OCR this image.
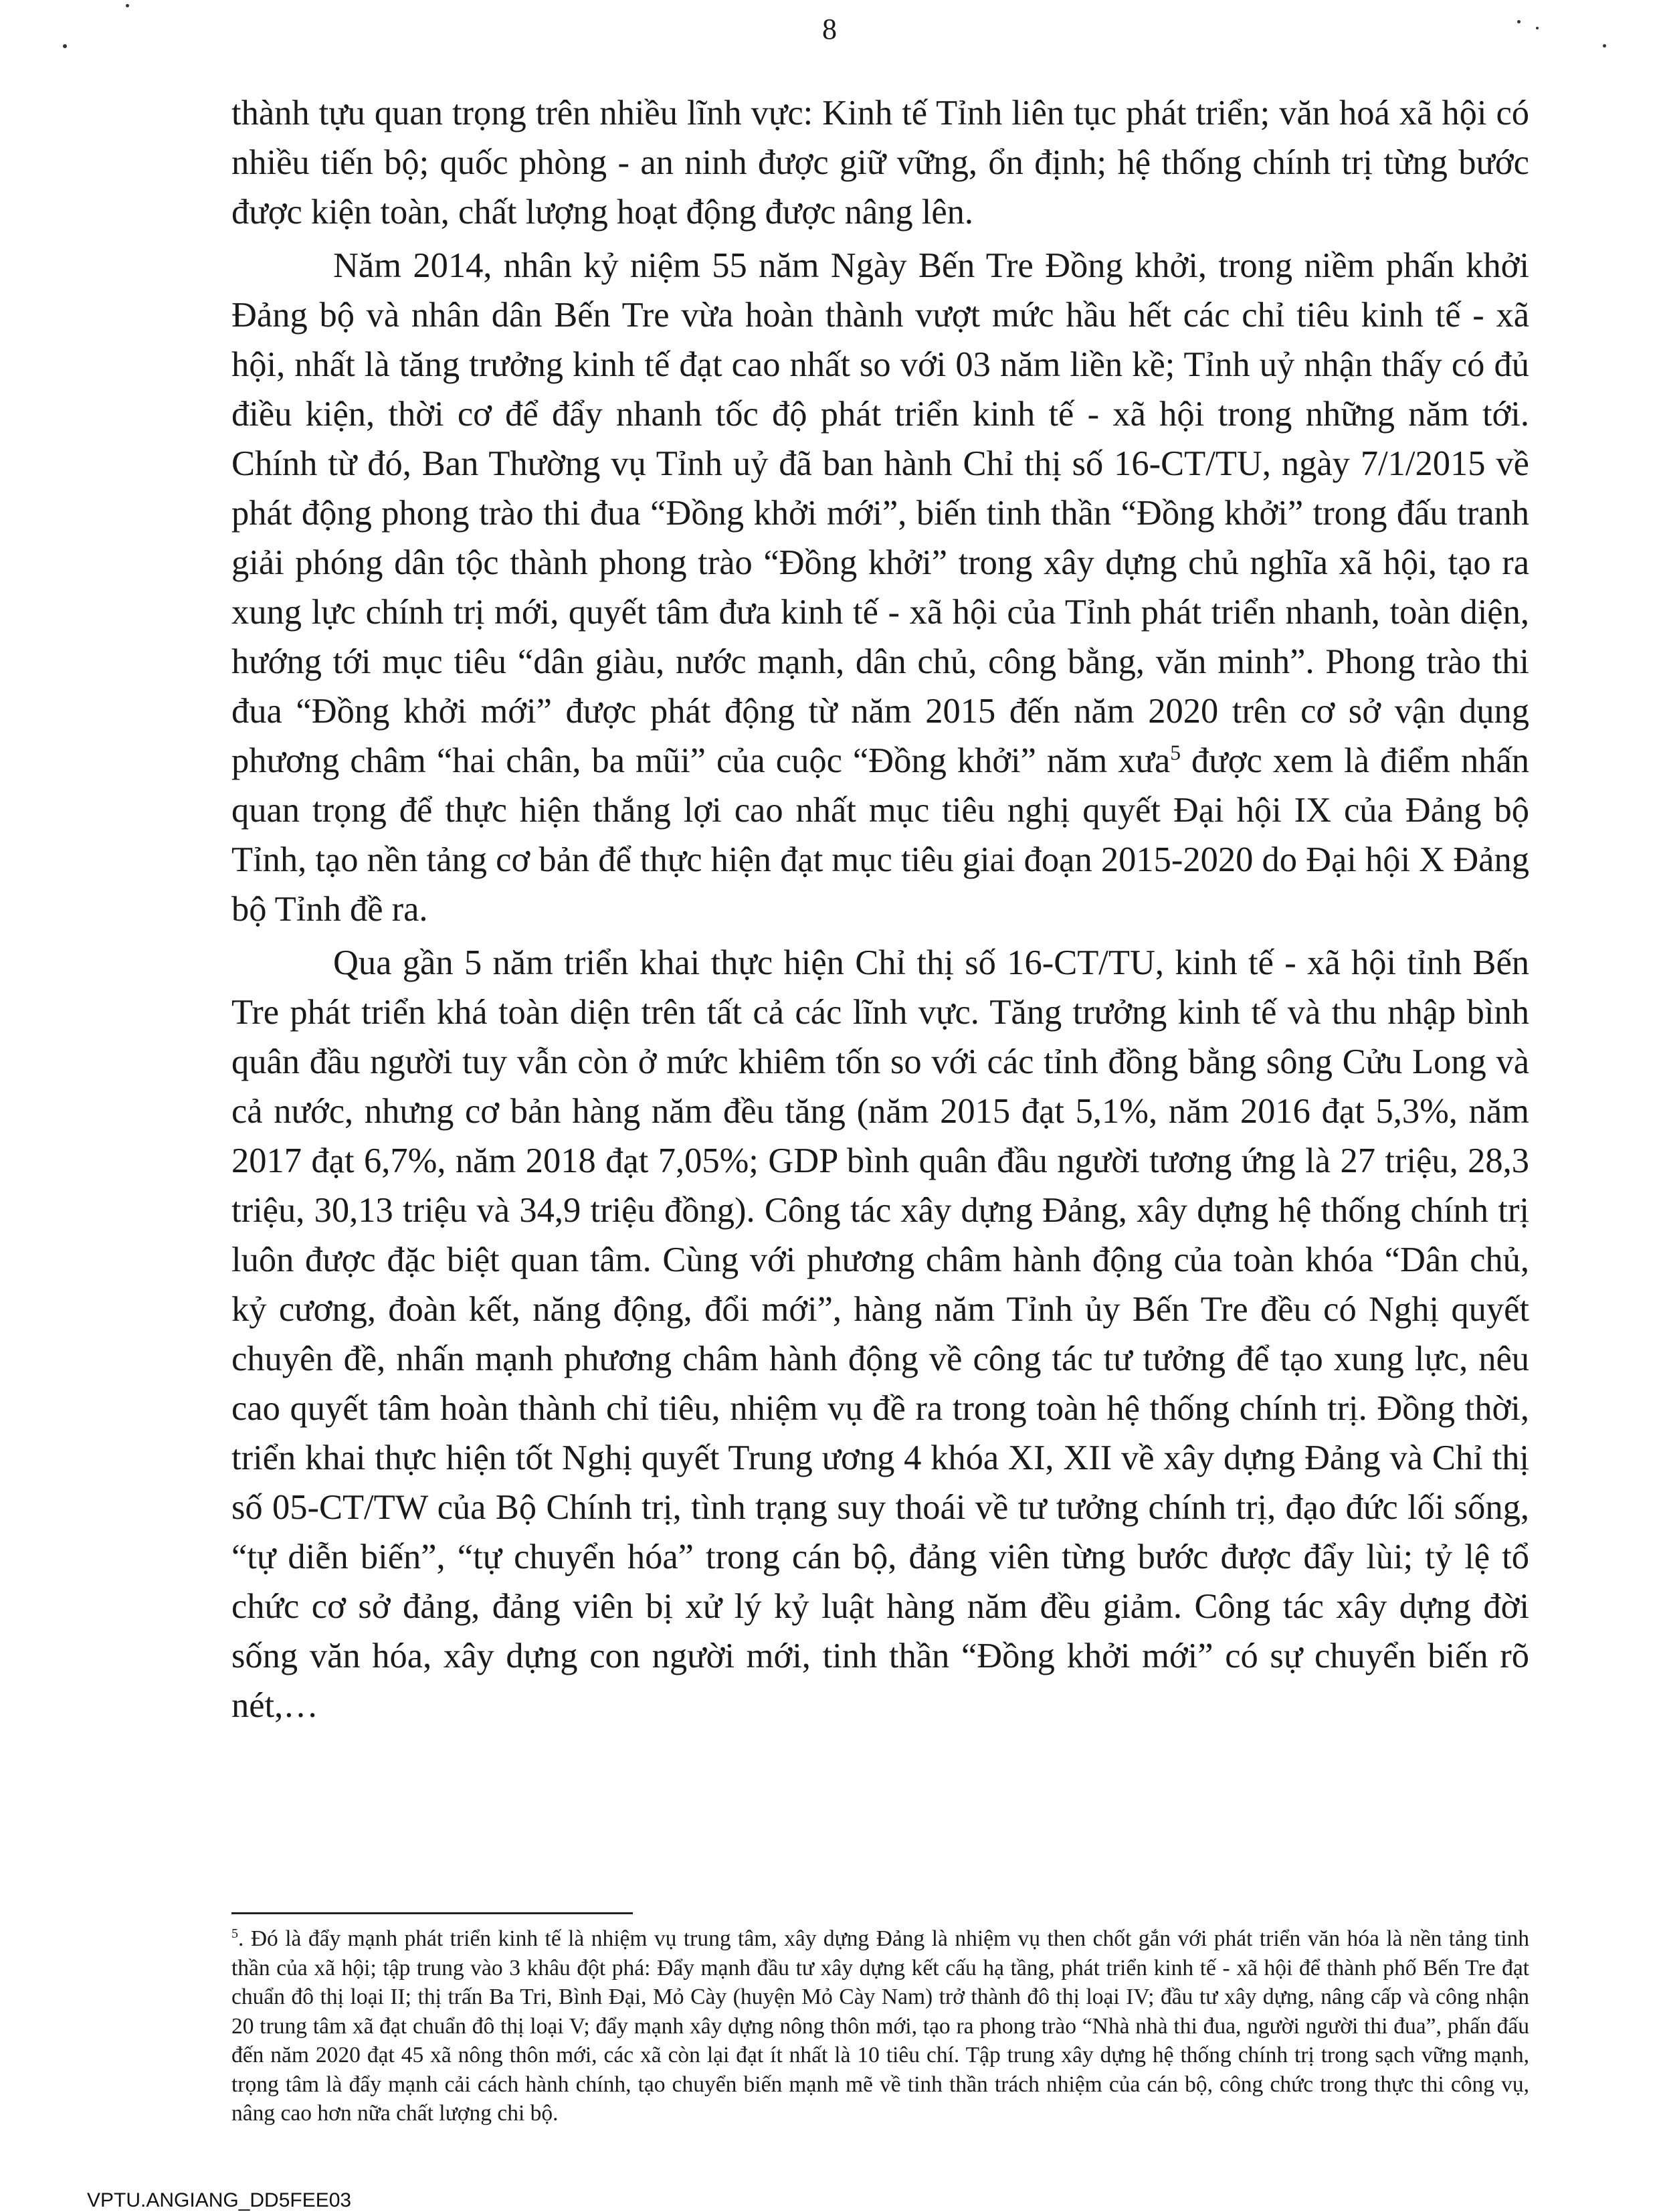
8

thành tựu quan trọng trên nhiều lĩnh vực: Kinh tế Tỉnh liên tục phát triển; văn hoá xã hội có nhiều tiến bộ; quốc phòng - an ninh được giữ vững, ổn định; hệ thống chính trị từng bước được kiện toàn, chất lượng hoạt động được nâng lên.

Năm 2014, nhân kỷ niệm 55 năm Ngày Bến Tre Đồng khởi, trong niềm phấn khởi Đảng bộ và nhân dân Bến Tre vừa hoàn thành vượt mức hầu hết các chỉ tiêu kinh tế - xã hội, nhất là tăng trưởng kinh tế đạt cao nhất so với 03 năm liền kề; Tỉnh uỷ nhận thấy có đủ điều kiện, thời cơ để đẩy nhanh tốc độ phát triển kinh tế - xã hội trong những năm tới. Chính từ đó, Ban Thường vụ Tỉnh uỷ đã ban hành Chỉ thị số 16-CT/TU, ngày 7/1/2015 về phát động phong trào thi đua “Đồng khởi mới”, biến tinh thần “Đồng khởi” trong đấu tranh giải phóng dân tộc thành phong trào “Đồng khởi” trong xây dựng chủ nghĩa xã hội, tạo ra xung lực chính trị mới, quyết tâm đưa kinh tế - xã hội của Tỉnh phát triển nhanh, toàn diện, hướng tới mục tiêu “dân giàu, nước mạnh, dân chủ, công bằng, văn minh”. Phong trào thi đua “Đồng khởi mới” được phát động từ năm 2015 đến năm 2020 trên cơ sở vận dụng phương châm “hai chân, ba mũi” của cuộc “Đồng khởi” năm xưa$^5$ được xem là điểm nhấn quan trọng để thực hiện thắng lợi cao nhất mục tiêu nghị quyết Đại hội IX của Đảng bộ Tỉnh, tạo nền tảng cơ bản để thực hiện đạt mục tiêu giai đoạn 2015-2020 do Đại hội X Đảng bộ Tỉnh đề ra.

Qua gần 5 năm triển khai thực hiện Chỉ thị số 16-CT/TU, kinh tế - xã hội tỉnh Bến Tre phát triển khá toàn diện trên tất cả các lĩnh vực. Tăng trưởng kinh tế và thu nhập bình quân đầu người tuy vẫn còn ở mức khiêm tốn so với các tỉnh đồng bằng sông Cửu Long và cả nước, nhưng cơ bản hàng năm đều tăng (năm 2015 đạt 5,1%, năm 2016 đạt 5,3%, năm 2017 đạt 6,7%, năm 2018 đạt 7,05%; GDP bình quân đầu người tương ứng là 27 triệu, 28,3 triệu, 30,13 triệu và 34,9 triệu đồng). Công tác xây dựng Đảng, xây dựng hệ thống chính trị luôn được đặc biệt quan tâm. Cùng với phương châm hành động của toàn khóa “Dân chủ, kỷ cương, đoàn kết, năng động, đổi mới”, hàng năm Tỉnh ủy Bến Tre đều có Nghị quyết chuyên đề, nhấn mạnh phương châm hành động về công tác tư tưởng để tạo xung lực, nêu cao quyết tâm hoàn thành chỉ tiêu, nhiệm vụ đề ra trong toàn hệ thống chính trị. Đồng thời, triển khai thực hiện tốt Nghị quyết Trung ương 4 khóa XI, XII về xây dựng Đảng và Chỉ thị số 05-CT/TW của Bộ Chính trị, tình trạng suy thoái về tư tưởng chính trị, đạo đức lối sống, “tự diễn biến”, “tự chuyển hóa” trong cán bộ, đảng viên từng bước được đẩy lùi; tỷ lệ tổ chức cơ sở đảng, đảng viên bị xử lý kỷ luật hàng năm đều giảm. Công tác xây dựng đời sống văn hóa, xây dựng con người mới, tinh thần “Đồng khởi mới” có sự chuyển biến rõ nét,…

$^5$. Đó là đẩy mạnh phát triển kinh tế là nhiệm vụ trung tâm, xây dựng Đảng là nhiệm vụ then chốt gắn với phát triển văn hóa là nền tảng tinh thần của xã hội; tập trung vào 3 khâu đột phá: Đẩy mạnh đầu tư xây dựng kết cấu hạ tầng, phát triển kinh tế - xã hội để thành phố Bến Tre đạt chuẩn đô thị loại II; thị trấn Ba Tri, Bình Đại, Mỏ Cày (huyện Mỏ Cày Nam) trở thành đô thị loại IV; đầu tư xây dựng, nâng cấp và công nhận 20 trung tâm xã đạt chuẩn đô thị loại V; đẩy mạnh xây dựng nông thôn mới, tạo ra phong trào “Nhà nhà thi đua, người người thi đua”, phấn đấu đến năm 2020 đạt 45 xã nông thôn mới, các xã còn lại đạt ít nhất là 10 tiêu chí. Tập trung xây dựng hệ thống chính trị trong sạch vững mạnh, trọng tâm là đẩy mạnh cải cách hành chính, tạo chuyển biến mạnh mẽ về tinh thần trách nhiệm của cán bộ, công chức trong thực thi công vụ, nâng cao hơn nữa chất lượng chi bộ.
VPTU.ANGIANG_DD5FEE03
